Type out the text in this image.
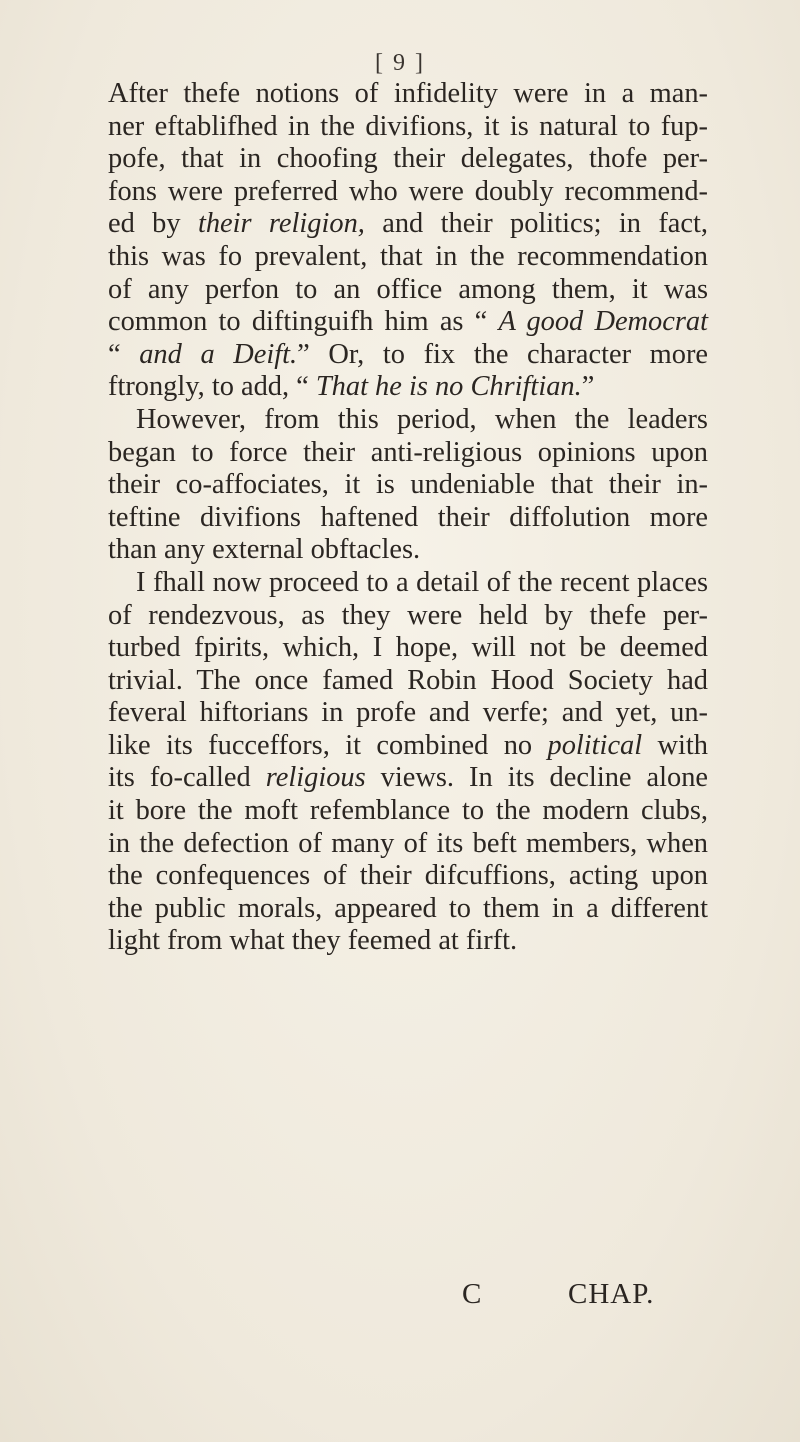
[ 9 ]
After thefe notions of infidelity were in a man-
ner eftablifhed in the divifions, it is natural to fup-
pofe, that in choofing their delegates, thofe per-
fons were preferred who were doubly recommend-
ed by their religion, and their politics; in fact,
this was fo prevalent, that in the recommendation
of any perfon to an office among them, it was
common to diftinguifh him as “ A good Democrat
“ and a Deift.” Or, to fix the character more
ftrongly, to add, “ That he is no Chriftian.”
However, from this period, when the leaders
began to force their anti-religious opinions upon
their co-affociates, it is undeniable that their in-
teftine divifions haftened their diffolution more
than any external obftacles.
I fhall now proceed to a detail of the recent places
of rendezvous, as they were held by thefe per-
turbed fpirits, which, I hope, will not be deemed
trivial. The once famed Robin Hood Society had
feveral hiftorians in profe and verfe; and yet, un-
like its fucceffors, it combined no political with
its fo-called religious views. In its decline alone
it bore the moft refemblance to the modern clubs,
in the defection of many of its beft members, when
the confequences of their difcuffions, acting upon
the public morals, appeared to them in a different
light from what they feemed at firft.
C	CHAP.
